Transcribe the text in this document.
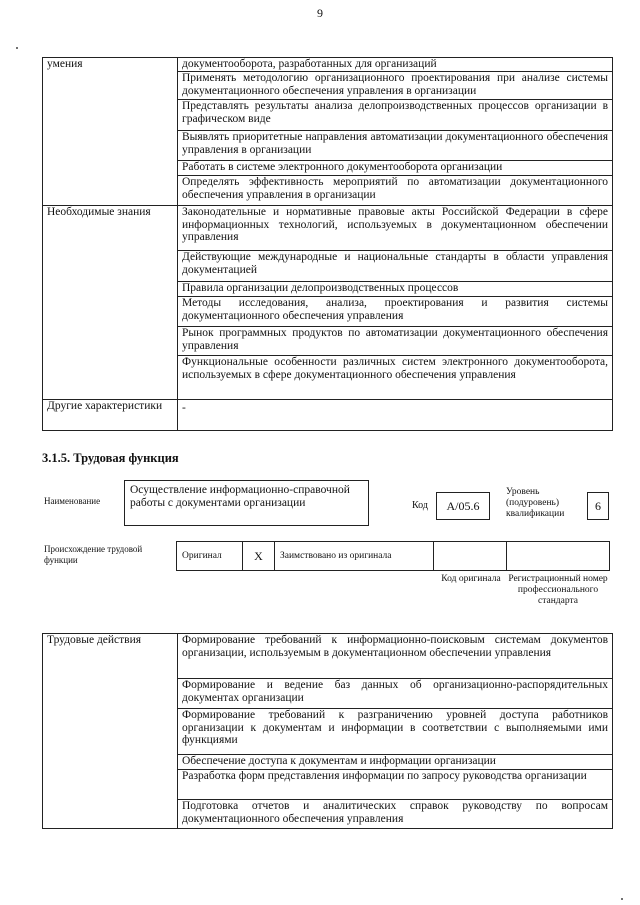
9
умения	документооборота, разработанных для организаций
	Применять методологию организационного проектирования при анализе системы документационного обеспечения управления в организации
	Представлять результаты анализа делопроизводственных процессов организации в графическом виде
	Выявлять приоритетные направления автоматизации документационного обеспечения управления в организации
	Работать в системе электронного документооборота организации
	Определять эффективность мероприятий по автоматизации документационного обеспечения управления в организации
Необходимые знания	Законодательные и нормативные правовые акты Российской Федерации в сфере информационных технологий, используемых в документационном обеспечении управления
	Действующие международные и национальные стандарты в области управления документацией
	Правила организации делопроизводственных процессов
	Методы исследования, анализа, проектирования и развития системы документационного обеспечения управления
	Рынок программных продуктов по автоматизации документационного обеспечения управления
	Функциональные особенности различных систем электронного документооборота, используемых в сфере документационного обеспечения управления
Другие характеристики	-
3.1.5. Трудовая функция
Наименование
Осуществление информационно-справочной работы с документами организации	Код A/05.6
Уровень (подуровень) квалификации
6
Происхождение трудовой функции	Оригинал	X Заимствовано из оригинала
Код оригинала Регистрационный номер профессионального стандарта
Трудовые действия	Формирование требований к информационно-поисковым системам документов организации, используемым в документационном обеспечении управления
Формирование и ведение баз данных об организационно-распорядительных документах организации
Формирование требований к разграничению уровней доступа работников организации к документам и информации в соответствии с выполняемыми ими функциями
Обеспечение доступа к документам и информации организации
Разработка форм представления информации по запросу руководства организации
Подготовка отчетов и аналитических справок руководству по вопросам документационного обеспечения управления
